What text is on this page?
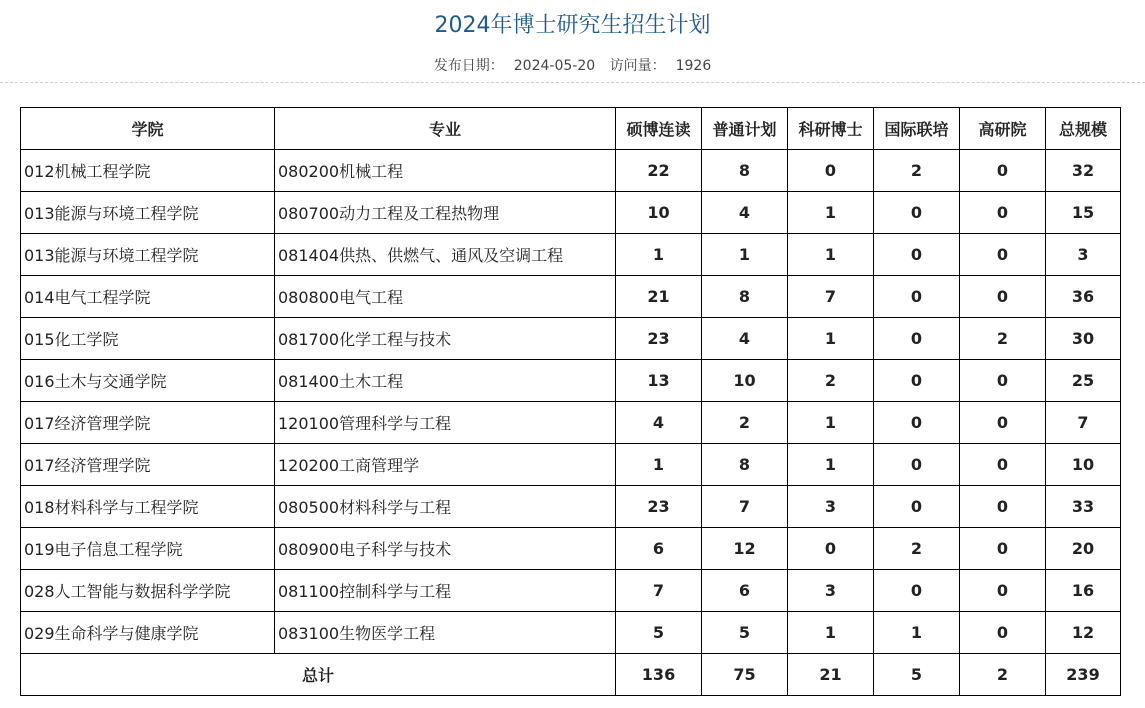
2024年博士研究生招生计划
发布日期： 2024-05-20 访问量： 1926
学院	专业	硕博连读	普通计划	科研博士	国际联培	高研院	总规模
012机械工程学院	080200机械工程	22	8	0	2	0	32
013能源与环境工程学院	080700动力工程及工程热物理	10	4	1	0	0	15
013能源与环境工程学院	081404供热、供燃气、通风及空调工程	1	1	1	0	0	3
014电气工程学院	080800电气工程	21	8	7	0	0	36
015化工学院	081700化学工程与技术	23	4	1	0	2	30
016土木与交通学院	081400土木工程	13	10	2	0	0	25
017经济管理学院	120100管理科学与工程	4	2	1	0	0	7
017经济管理学院	120200工商管理学	1	8	1	0	0	10
018材料科学与工程学院	080500材料科学与工程	23	7	3	0	0	33
019电子信息工程学院	080900电子科学与技术	6	12	0	2	0	20
028人工智能与数据科学学院	081100控制科学与工程	7	6	3	0	0	16
029生命科学与健康学院	083100生物医学工程	5	5	1	1	0	12
总计		136	75	21	5	2	239
